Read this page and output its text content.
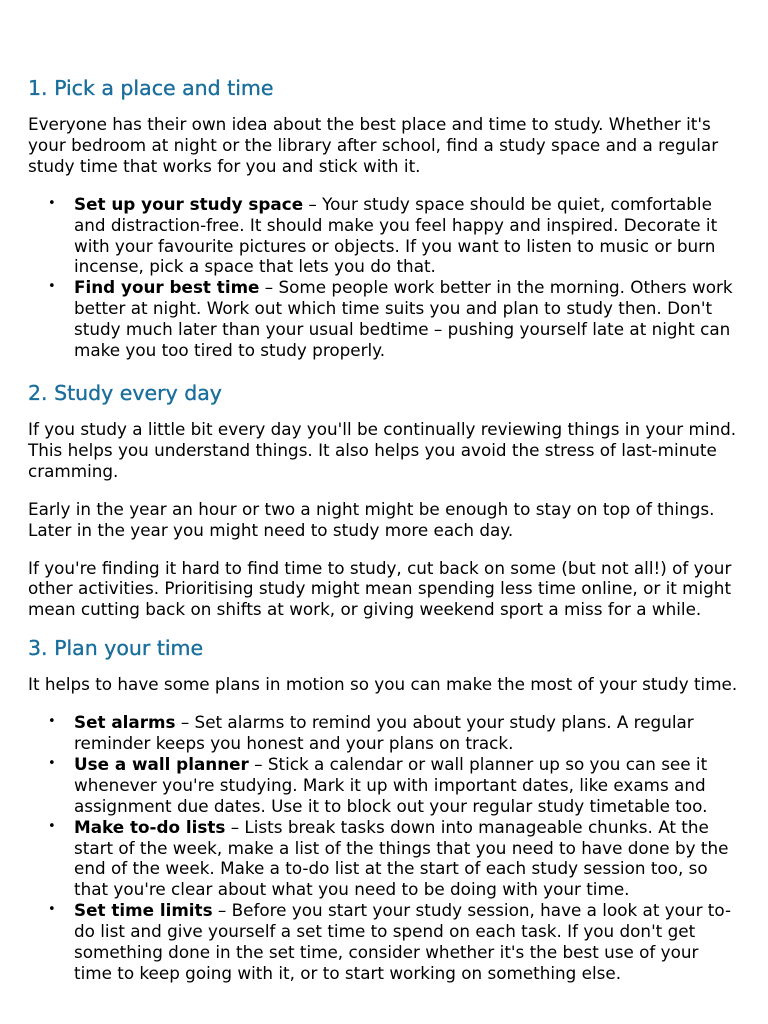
1. Pick a place and time

Everyone has their own idea about the best place and time to study. Whether it's your bedroom at night or the library after school, find a study space and a regular study time that works for you and stick with it.

• Set up your study space – Your study space should be quiet, comfortable and distraction-free. It should make you feel happy and inspired. Decorate it with your favourite pictures or objects. If you want to listen to music or burn incense, pick a space that lets you do that.
• Find your best time – Some people work better in the morning. Others work better at night. Work out which time suits you and plan to study then. Don't study much later than your usual bedtime – pushing yourself late at night can make you too tired to study properly.
2. Study every day

If you study a little bit every day you'll be continually reviewing things in your mind. This helps you understand things. It also helps you avoid the stress of last-minute cramming.

Early in the year an hour or two a night might be enough to stay on top of things. Later in the year you might need to study more each day.

If you're finding it hard to find time to study, cut back on some (but not all!) of your other activities. Prioritising study might mean spending less time online, or it might mean cutting back on shifts at work, or giving weekend sport a miss for a while.

3. Plan your time

It helps to have some plans in motion so you can make the most of your study time.

• Set alarms – Set alarms to remind you about your study plans. A regular reminder keeps you honest and your plans on track.
• Use a wall planner – Stick a calendar or wall planner up so you can see it whenever you're studying. Mark it up with important dates, like exams and assignment due dates. Use it to block out your regular study timetable too.
• Make to-do lists – Lists break tasks down into manageable chunks. At the start of the week, make a list of the things that you need to have done by the end of the week. Make a to-do list at the start of each study session too, so that you're clear about what you need to be doing with your time.
• Set time limits – Before you start your study session, have a look at your to-do list and give yourself a set time to spend on each task. If you don't get something done in the set time, consider whether it's the best use of your time to keep going with it, or to start working on something else.
